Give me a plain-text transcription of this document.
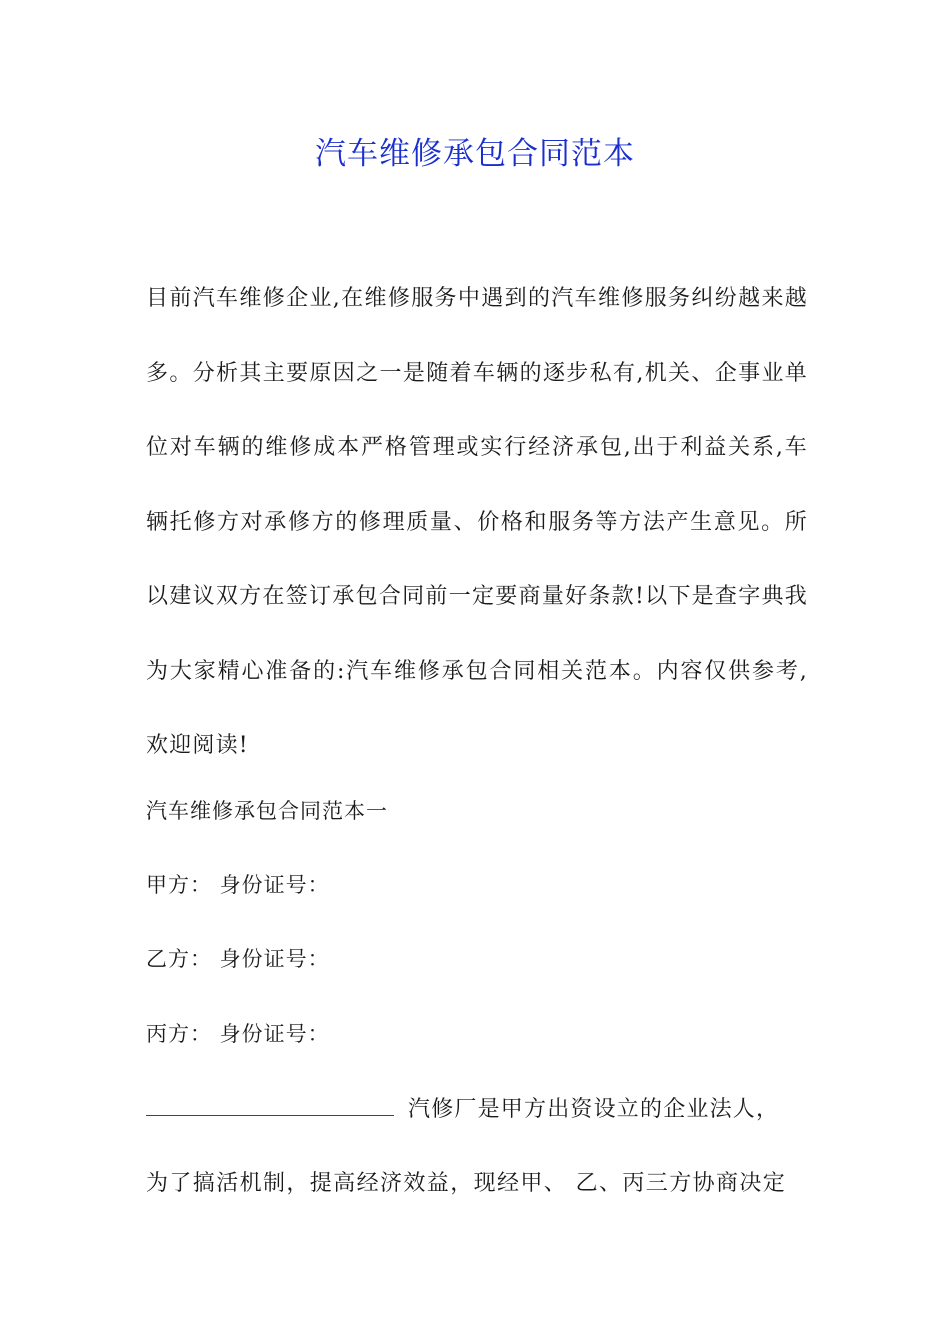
汽车维修承包合同范本

目前汽车维修企业,在维修服务中遇到的汽车维修服务纠纷越来越多。分析其主要原因之一是随着车辆的逐步私有,机关、企事业单位对车辆的维修成本严格管理或实行经济承包,出于利益关系,车辆托修方对承修方的修理质量、价格和服务等方法产生意见。所以建议双方在签订承包合同前一定要商量好条款!以下是查字典我为大家精心准备的:汽车维修承包合同相关范本。内容仅供参考,欢迎阅读!

汽车维修承包合同范本一

甲方： 身份证号：

乙方： 身份证号：

丙方： 身份证号：

汽修厂是甲方出资设立的企业法人，

为了搞活机制，提高经济效益，现经甲、 乙、丙三方协商决定
